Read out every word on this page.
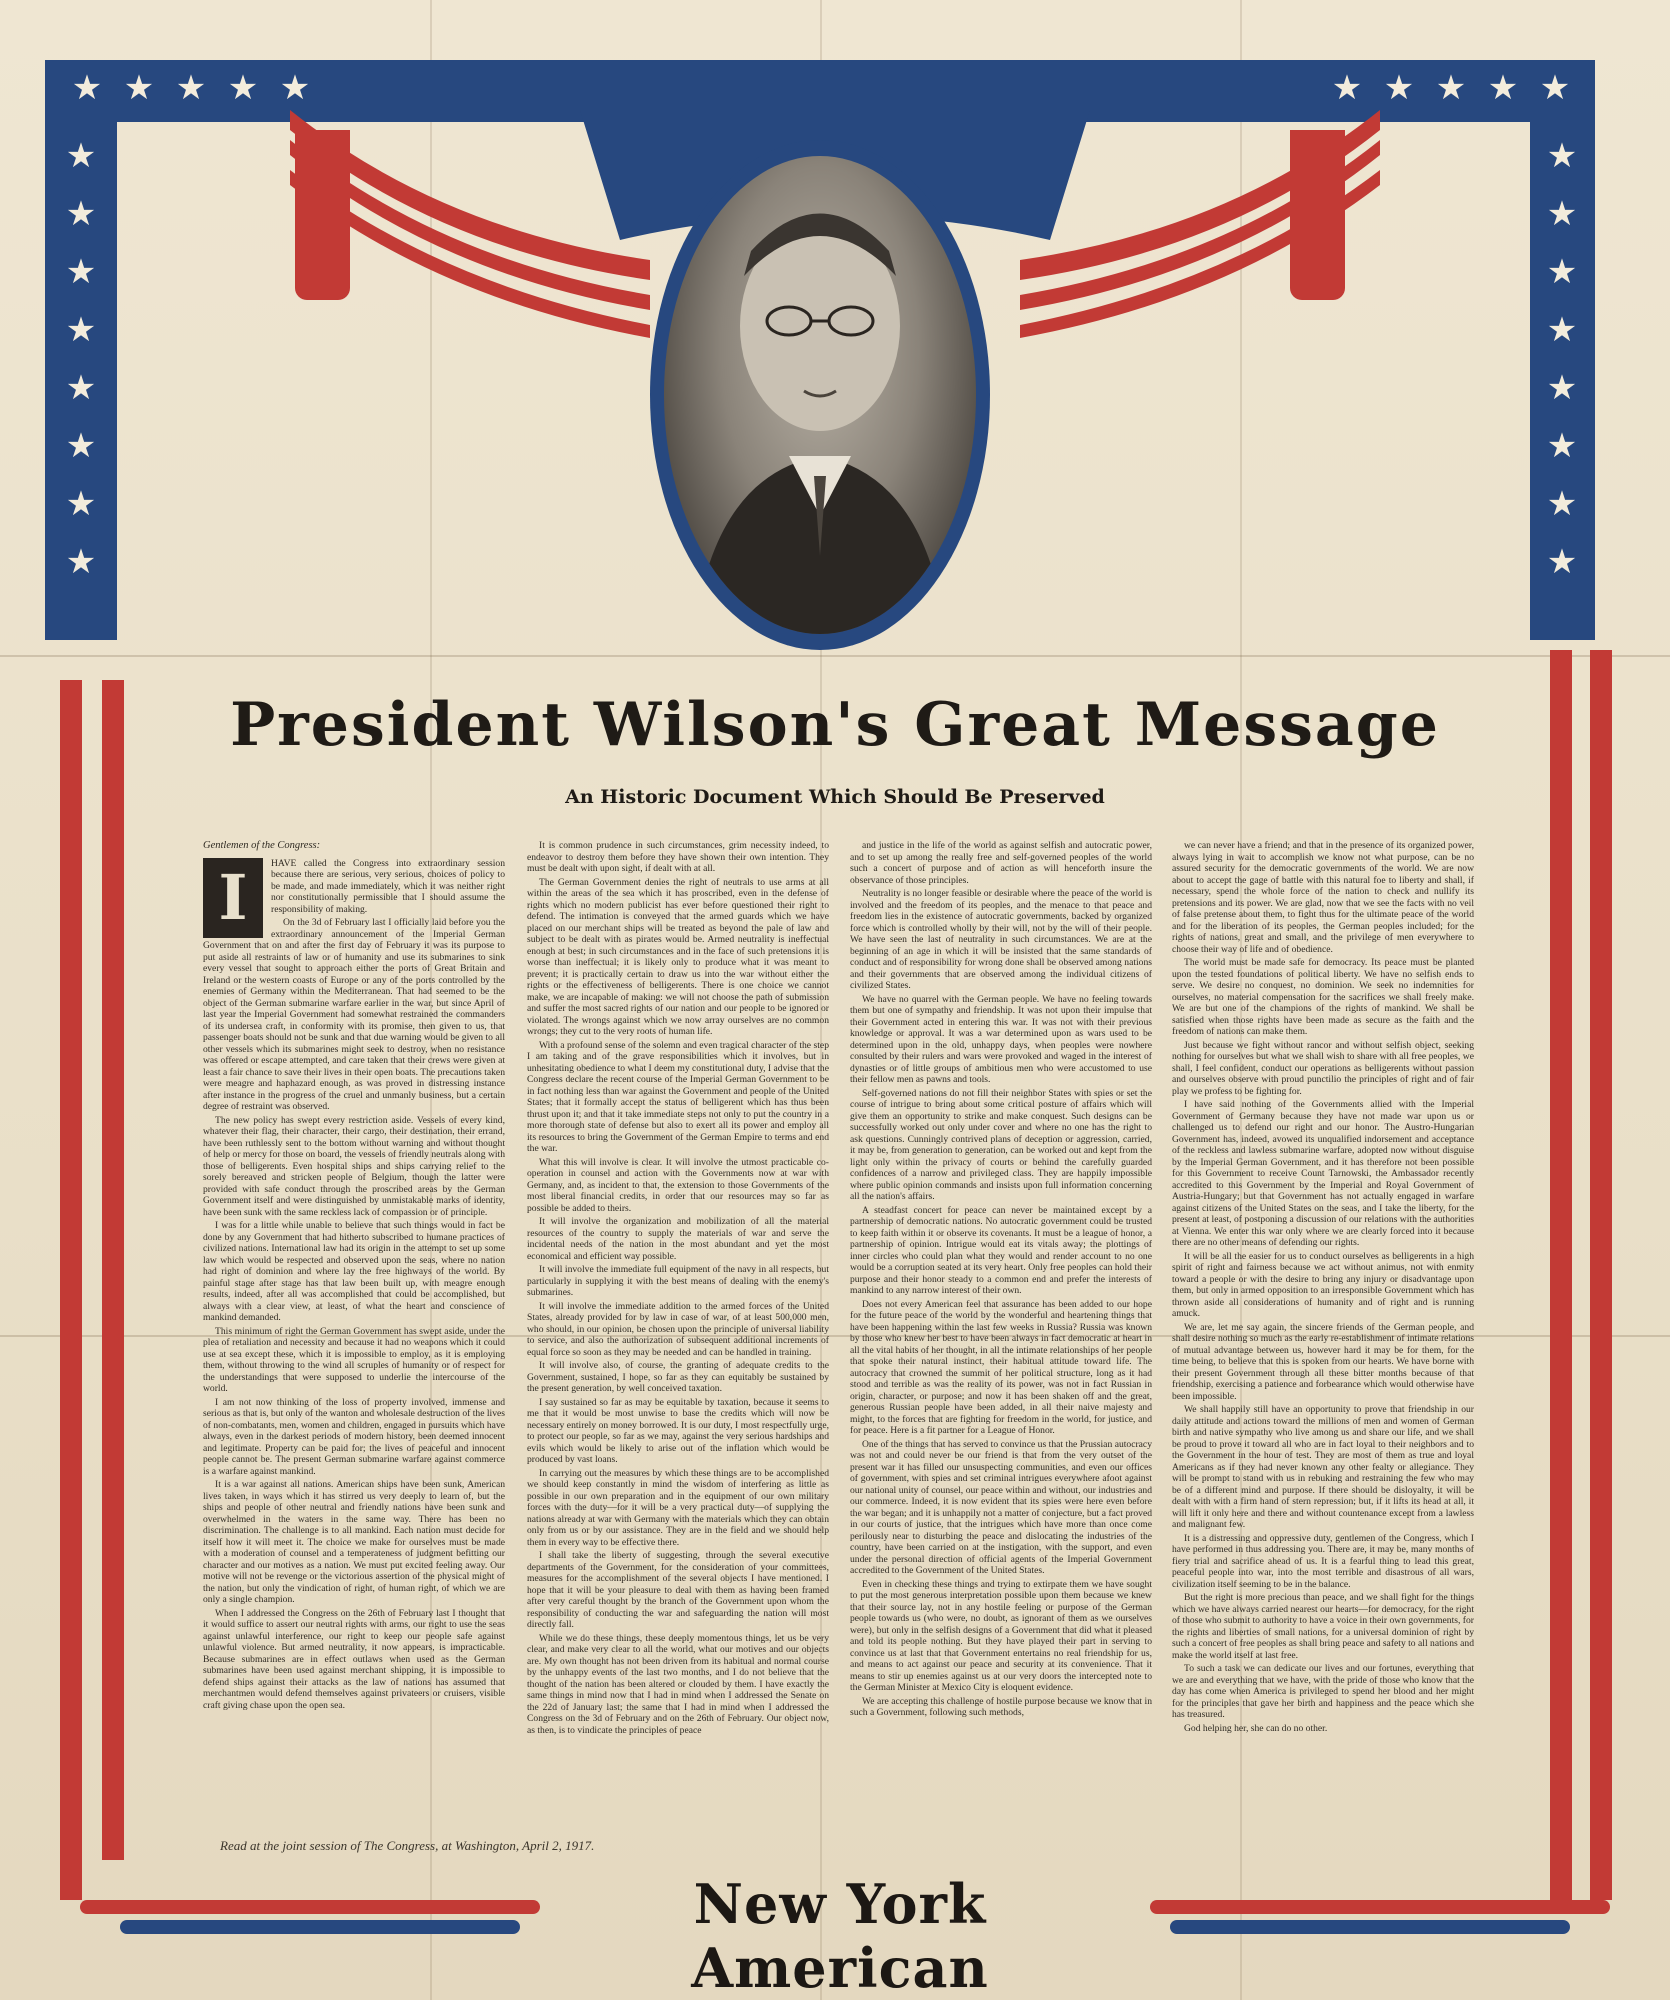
★ ★ ★ ★ ★	★ ★ ★ ★ ★
★
★
★
★
★
★
★
★
★
★
★
★
★
★
★
★
President Wilson's Great Message
An Historic Document Which Should Be Preserved
Gentlemen of the Congress:
I	HAVE called the Congress into extraordinary session because there are serious, very serious, choices of policy to be made, and made immediately, which it was neither right nor constitutionally permissible that I should assume the responsibility of making.

On the 3d of February last I officially laid before you the extraordinary announcement of the Imperial German Government that on and after the first day of February it was its purpose to put aside all restraints of law or of humanity and use its submarines to sink every vessel that sought to approach either the ports of Great Britain and Ireland or the western coasts of Europe or any of the ports controlled by the enemies of Germany within the Mediterranean. That had seemed to be the object of the German submarine warfare earlier in the war, but since April of last year the Imperial Government had somewhat restrained the commanders of its undersea craft, in conformity with its promise, then given to us, that passenger boats should not be sunk and that due warning would be given to all other vessels which its submarines might seek to destroy, when no resistance was offered or escape attempted, and care taken that their crews were given at least a fair chance to save their lives in their open boats. The precautions taken were meagre and haphazard enough, as was proved in distressing instance after instance in the progress of the cruel and unmanly business, but a certain degree of restraint was observed.

The new policy has swept every restriction aside. Vessels of every kind, whatever their flag, their character, their cargo, their destination, their errand, have been ruthlessly sent to the bottom without warning and without thought of help or mercy for those on board, the vessels of friendly neutrals along with those of belligerents. Even hospital ships and ships carrying relief to the sorely bereaved and stricken people of Belgium, though the latter were provided with safe conduct through the proscribed areas by the German Government itself and were distinguished by unmistakable marks of identity, have been sunk with the same reckless lack of compassion or of principle.

I was for a little while unable to believe that such things would in fact be done by any Government that had hitherto subscribed to humane practices of civilized nations. International law had its origin in the attempt to set up some law which would be respected and observed upon the seas, where no nation had right of dominion and where lay the free highways of the world. By painful stage after stage has that law been built up, with meagre enough results, indeed, after all was accomplished that could be accomplished, but always with a clear view, at least, of what the heart and conscience of mankind demanded.

This minimum of right the German Government has swept aside, under the plea of retaliation and necessity and because it had no weapons which it could use at sea except these, which it is impossible to employ, as it is employing them, without throwing to the wind all scruples of humanity or of respect for the understandings that were supposed to underlie the intercourse of the world.

I am not now thinking of the loss of property involved, immense and serious as that is, but only of the wanton and wholesale destruction of the lives of non-combatants, men, women and children, engaged in pursuits which have always, even in the darkest periods of modern history, been deemed innocent and legitimate. Property can be paid for; the lives of peaceful and innocent people cannot be. The present German submarine warfare against commerce is a warfare against mankind.

It is a war against all nations. American ships have been sunk, American lives taken, in ways which it has stirred us very deeply to learn of, but the ships and people of other neutral and friendly nations have been sunk and overwhelmed in the waters in the same way. There has been no discrimination. The challenge is to all mankind. Each nation must decide for itself how it will meet it. The choice we make for ourselves must be made with a moderation of counsel and a temperateness of judgment befitting our character and our motives as a nation. We must put excited feeling away. Our motive will not be revenge or the victorious assertion of the physical might of the nation, but only the vindication of right, of human right, of which we are only a single champion.

When I addressed the Congress on the 26th of February last I thought that it would suffice to assert our neutral rights with arms, our right to use the seas against unlawful interference, our right to keep our people safe against unlawful violence. But armed neutrality, it now appears, is impracticable. Because submarines are in effect outlaws when used as the German submarines have been used against merchant shipping, it is impossible to defend ships against their attacks as the law of nations has assumed that merchantmen would defend themselves against privateers or cruisers, visible craft giving chase upon the open sea.

It is common prudence in such circumstances, grim necessity indeed, to endeavor to destroy them before they have shown their own intention. They must be dealt with upon sight, if dealt with at all.

The German Government denies the right of neutrals to use arms at all within the areas of the sea which it has proscribed, even in the defense of rights which no modern publicist has ever before questioned their right to defend. The intimation is conveyed that the armed guards which we have placed on our merchant ships will be treated as beyond the pale of law and subject to be dealt with as pirates would be. Armed neutrality is ineffectual enough at best; in such circumstances and in the face of such pretensions it is worse than ineffectual; it is likely only to produce what it was meant to prevent; it is practically certain to draw us into the war without either the rights or the effectiveness of belligerents. There is one choice we cannot make, we are incapable of making: we will not choose the path of submission and suffer the most sacred rights of our nation and our people to be ignored or violated. The wrongs against which we now array ourselves are no common wrongs; they cut to the very roots of human life.

With a profound sense of the solemn and even tragical character of the step I am taking and of the grave responsibilities which it involves, but in unhesitating obedience to what I deem my constitutional duty, I advise that the Congress declare the recent course of the Imperial German Government to be in fact nothing less than war against the Government and people of the United States; that it formally accept the status of belligerent which has thus been thrust upon it; and that it take immediate steps not only to put the country in a more thorough state of defense but also to exert all its power and employ all its resources to bring the Government of the German Empire to terms and end the war.

What this will involve is clear. It will involve the utmost practicable co-operation in counsel and action with the Governments now at war with Germany, and, as incident to that, the extension to those Governments of the most liberal financial credits, in order that our resources may so far as possible be added to theirs.

It will involve the organization and mobilization of all the material resources of the country to supply the materials of war and serve the incidental needs of the nation in the most abundant and yet the most economical and efficient way possible.

It will involve the immediate full equipment of the navy in all respects, but particularly in supplying it with the best means of dealing with the enemy's submarines.

It will involve the immediate addition to the armed forces of the United States, already provided for by law in case of war, of at least 500,000 men, who should, in our opinion, be chosen upon the principle of universal liability to service, and also the authorization of subsequent additional increments of equal force so soon as they may be needed and can be handled in training.

It will involve also, of course, the granting of adequate credits to the Government, sustained, I hope, so far as they can equitably be sustained by the present generation, by well conceived taxation.

I say sustained so far as may be equitable by taxation, because it seems to me that it would be most unwise to base the credits which will now be necessary entirely on money borrowed. It is our duty, I most respectfully urge, to protect our people, so far as we may, against the very serious hardships and evils which would be likely to arise out of the inflation which would be produced by vast loans.

In carrying out the measures by which these things are to be accomplished we should keep constantly in mind the wisdom of interfering as little as possible in our own preparation and in the equipment of our own military forces with the duty—for it will be a very practical duty—of supplying the nations already at war with Germany with the materials which they can obtain only from us or by our assistance. They are in the field and we should help them in every way to be effective there.

I shall take the liberty of suggesting, through the several executive departments of the Government, for the consideration of your committees, measures for the accomplishment of the several objects I have mentioned. I hope that it will be your pleasure to deal with them as having been framed after very careful thought by the branch of the Government upon whom the responsibility of conducting the war and safeguarding the nation will most directly fall.

While we do these things, these deeply momentous things, let us be very clear, and make very clear to all the world, what our motives and our objects are. My own thought has not been driven from its habitual and normal course by the unhappy events of the last two months, and I do not believe that the thought of the nation has been altered or clouded by them. I have exactly the same things in mind now that I had in mind when I addressed the Senate on the 22d of January last; the same that I had in mind when I addressed the Congress on the 3d of February and on the 26th of February. Our object now, as then, is to vindicate the principles of peace

and justice in the life of the world as against selfish and autocratic power, and to set up among the really free and self-governed peoples of the world such a concert of purpose and of action as will henceforth insure the observance of those principles.

Neutrality is no longer feasible or desirable where the peace of the world is involved and the freedom of its peoples, and the menace to that peace and freedom lies in the existence of autocratic governments, backed by organized force which is controlled wholly by their will, not by the will of their people. We have seen the last of neutrality in such circumstances. We are at the beginning of an age in which it will be insisted that the same standards of conduct and of responsibility for wrong done shall be observed among nations and their governments that are observed among the individual citizens of civilized States.

We have no quarrel with the German people. We have no feeling towards them but one of sympathy and friendship. It was not upon their impulse that their Government acted in entering this war. It was not with their previous knowledge or approval. It was a war determined upon as wars used to be determined upon in the old, unhappy days, when peoples were nowhere consulted by their rulers and wars were provoked and waged in the interest of dynasties or of little groups of ambitious men who were accustomed to use their fellow men as pawns and tools.

Self-governed nations do not fill their neighbor States with spies or set the course of intrigue to bring about some critical posture of affairs which will give them an opportunity to strike and make conquest. Such designs can be successfully worked out only under cover and where no one has the right to ask questions. Cunningly contrived plans of deception or aggression, carried, it may be, from generation to generation, can be worked out and kept from the light only within the privacy of courts or behind the carefully guarded confidences of a narrow and privileged class. They are happily impossible where public opinion commands and insists upon full information concerning all the nation's affairs.

A steadfast concert for peace can never be maintained except by a partnership of democratic nations. No autocratic government could be trusted to keep faith within it or observe its covenants. It must be a league of honor, a partnership of opinion. Intrigue would eat its vitals away; the plottings of inner circles who could plan what they would and render account to no one would be a corruption seated at its very heart. Only free peoples can hold their purpose and their honor steady to a common end and prefer the interests of mankind to any narrow interest of their own.

Does not every American feel that assurance has been added to our hope for the future peace of the world by the wonderful and heartening things that have been happening within the last few weeks in Russia? Russia was known by those who knew her best to have been always in fact democratic at heart in all the vital habits of her thought, in all the intimate relationships of her people that spoke their natural instinct, their habitual attitude toward life. The autocracy that crowned the summit of her political structure, long as it had stood and terrible as was the reality of its power, was not in fact Russian in origin, character, or purpose; and now it has been shaken off and the great, generous Russian people have been added, in all their naive majesty and might, to the forces that are fighting for freedom in the world, for justice, and for peace. Here is a fit partner for a League of Honor.

One of the things that has served to convince us that the Prussian autocracy was not and could never be our friend is that from the very outset of the present war it has filled our unsuspecting communities, and even our offices of government, with spies and set criminal intrigues everywhere afoot against our national unity of counsel, our peace within and without, our industries and our commerce. Indeed, it is now evident that its spies were here even before the war began; and it is unhappily not a matter of conjecture, but a fact proved in our courts of justice, that the intrigues which have more than once come perilously near to disturbing the peace and dislocating the industries of the country, have been carried on at the instigation, with the support, and even under the personal direction of official agents of the Imperial Government accredited to the Government of the United States.

Even in checking these things and trying to extirpate them we have sought to put the most generous interpretation possible upon them because we knew that their source lay, not in any hostile feeling or purpose of the German people towards us (who were, no doubt, as ignorant of them as we ourselves were), but only in the selfish designs of a Government that did what it pleased and told its people nothing. But they have played their part in serving to convince us at last that that Government entertains no real friendship for us, and means to act against our peace and security at its convenience. That it means to stir up enemies against us at our very doors the intercepted note to the German Minister at Mexico City is eloquent evidence.

We are accepting this challenge of hostile purpose because we know that in such a Government, following such methods,

we can never have a friend; and that in the presence of its organized power, always lying in wait to accomplish we know not what purpose, can be no assured security for the democratic governments of the world. We are now about to accept the gage of battle with this natural foe to liberty and shall, if necessary, spend the whole force of the nation to check and nullify its pretensions and its power. We are glad, now that we see the facts with no veil of false pretense about them, to fight thus for the ultimate peace of the world and for the liberation of its peoples, the German peoples included; for the rights of nations, great and small, and the privilege of men everywhere to choose their way of life and of obedience.

The world must be made safe for democracy. Its peace must be planted upon the tested foundations of political liberty. We have no selfish ends to serve. We desire no conquest, no dominion. We seek no indemnities for ourselves, no material compensation for the sacrifices we shall freely make. We are but one of the champions of the rights of mankind. We shall be satisfied when those rights have been made as secure as the faith and the freedom of nations can make them.

Just because we fight without rancor and without selfish object, seeking nothing for ourselves but what we shall wish to share with all free peoples, we shall, I feel confident, conduct our operations as belligerents without passion and ourselves observe with proud punctilio the principles of right and of fair play we profess to be fighting for.

I have said nothing of the Governments allied with the Imperial Government of Germany because they have not made war upon us or challenged us to defend our right and our honor. The Austro-Hungarian Government has, indeed, avowed its unqualified indorsement and acceptance of the reckless and lawless submarine warfare, adopted now without disguise by the Imperial German Government, and it has therefore not been possible for this Government to receive Count Tarnowski, the Ambassador recently accredited to this Government by the Imperial and Royal Government of Austria-Hungary; but that Government has not actually engaged in warfare against citizens of the United States on the seas, and I take the liberty, for the present at least, of postponing a discussion of our relations with the authorities at Vienna. We enter this war only where we are clearly forced into it because there are no other means of defending our rights.

It will be all the easier for us to conduct ourselves as belligerents in a high spirit of right and fairness because we act without animus, not with enmity toward a people or with the desire to bring any injury or disadvantage upon them, but only in armed opposition to an irresponsible Government which has thrown aside all considerations of humanity and of right and is running amuck.

We are, let me say again, the sincere friends of the German people, and shall desire nothing so much as the early re-establishment of intimate relations of mutual advantage between us, however hard it may be for them, for the time being, to believe that this is spoken from our hearts. We have borne with their present Government through all these bitter months because of that friendship, exercising a patience and forbearance which would otherwise have been impossible.

We shall happily still have an opportunity to prove that friendship in our daily attitude and actions toward the millions of men and women of German birth and native sympathy who live among us and share our life, and we shall be proud to prove it toward all who are in fact loyal to their neighbors and to the Government in the hour of test. They are most of them as true and loyal Americans as if they had never known any other fealty or allegiance. They will be prompt to stand with us in rebuking and restraining the few who may be of a different mind and purpose. If there should be disloyalty, it will be dealt with with a firm hand of stern repression; but, if it lifts its head at all, it will lift it only here and there and without countenance except from a lawless and malignant few.

It is a distressing and oppressive duty, gentlemen of the Congress, which I have performed in thus addressing you. There are, it may be, many months of fiery trial and sacrifice ahead of us. It is a fearful thing to lead this great, peaceful people into war, into the most terrible and disastrous of all wars, civilization itself seeming to be in the balance.

But the right is more precious than peace, and we shall fight for the things which we have always carried nearest our hearts—for democracy, for the right of those who submit to authority to have a voice in their own governments, for the rights and liberties of small nations, for a universal dominion of right by such a concert of free peoples as shall bring peace and safety to all nations and make the world itself at last free.

To such a task we can dedicate our lives and our fortunes, everything that we are and everything that we have, with the pride of those who know that the day has come when America is privileged to spend her blood and her might for the principles that gave her birth and happiness and the peace which she has treasured.

God helping her, she can do no other.

Read at the joint session of The Congress, at Washington, April 2, 1917.
New York American
